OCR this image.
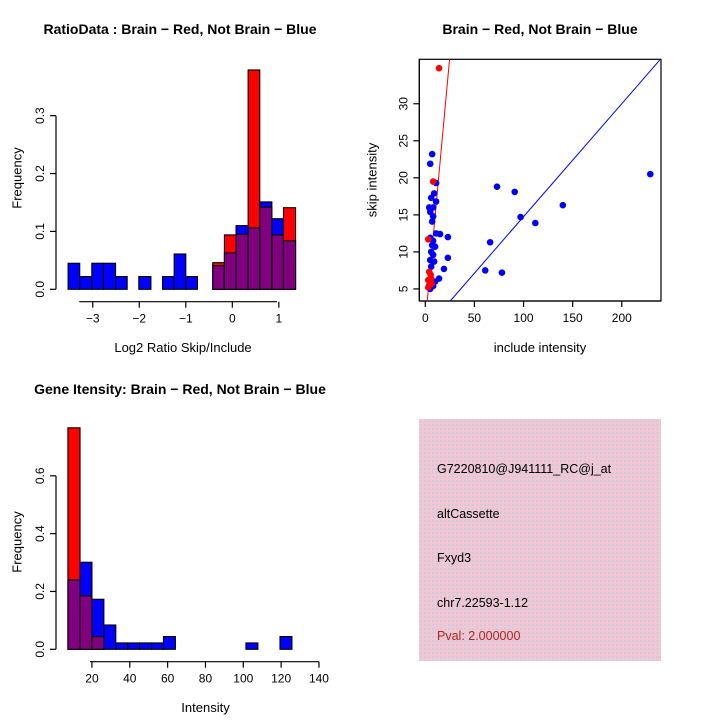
RatioData : Brain − Red, Not Brain − Blue
Log2 Ratio Skip/Include
Frequency
−3	−2	−1	0	1
0.0
0.1
0.2
0.3
Brain − Red, Not Brain − Blue
include intensity
skip intensity
0	50	100 150 200
5
10
15
20
25
30
Gene Itensity: Brain − Red, Not Brain − Blue
Intensity
Frequency
20 40 60 80 100 120 140
0.0
0.2
0.4
0.6	G7220810@J941111_RC@j_at
altCassette
Fxyd3
chr7.22593-1.12
Pval: 2.000000
